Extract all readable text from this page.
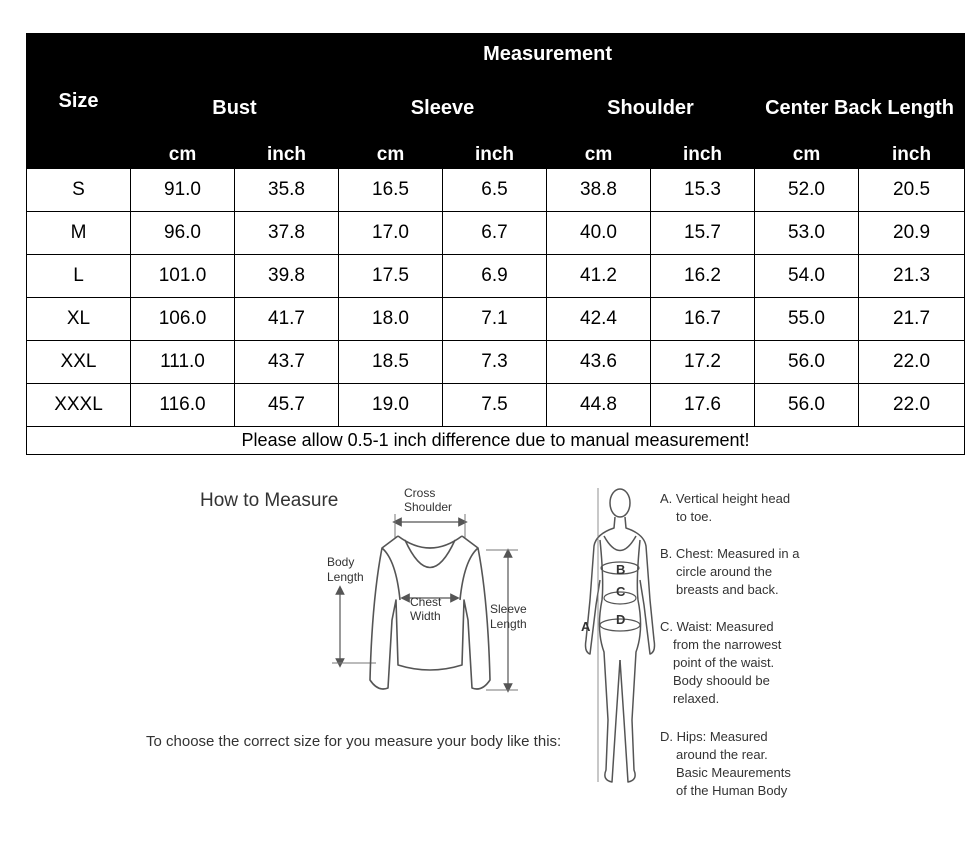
Size	Measurement							
	Bust		Sleeve		Shoulder		Center Back Length	
	cm	inch	cm	inch	cm	inch	cm	inch
S	91.0	35.8	16.5	6.5	38.8	15.3	52.0	20.5
M	96.0	37.8	17.0	6.7	40.0	15.7	53.0	20.9
L	101.0	39.8	17.5	6.9	41.2	16.2	54.0	21.3
XL	106.0	41.7	18.0	7.1	42.4	16.7	55.0	21.7
XXL	111.0	43.7	18.5	7.3	43.6	17.2	56.0	22.0
XXXL	116.0	45.7	19.0	7.5	44.8	17.6	56.0	22.0
Please allow 0.5-1 inch difference due to manual measurement!								
How to Measure	Cross
Shoulder
Body
Length
Chest
Width	Sleeve
Length
To choose the correct size for you measure your body like this:
B
C
D
A
A. Vertical height head
to toe.
B. Chest: Measured in a
circle around the
breasts and back.
C. Waist: Measured
from the narrowest
point of the waist.
Body shoould be
relaxed.
D. Hips: Measured
around the rear.
Basic Meaurements
of the Human Body
